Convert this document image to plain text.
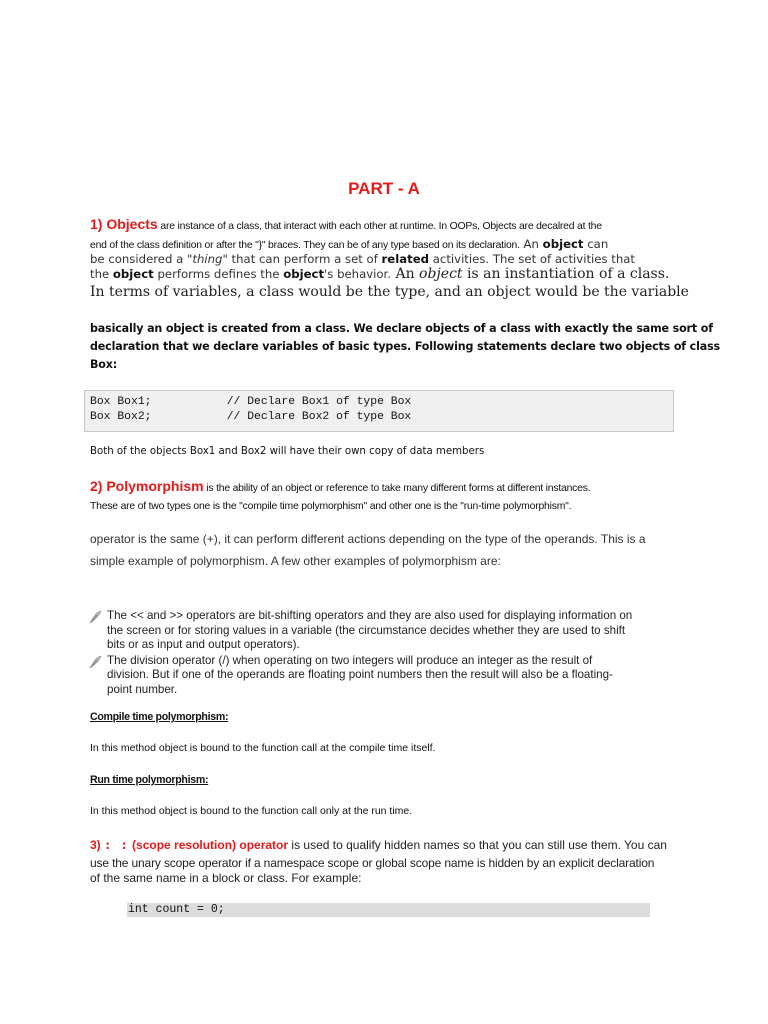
PART - A
1) Objects are instance of a class, that interact with each other at runtime. In OOPs, Objects are decalred at the
end of the class definition or after the "}" braces. They can be of any type based on its declaration. An object can
be considered a "thing" that can perform a set of related activities. The set of activities that
the object performs defines the object's behavior. An object is an instantiation of a class.
In terms of variables, a class would be the type, and an object would be the variable
basically an object is created from a class. We declare objects of a class with exactly the same sort of
declaration that we declare variables of basic types. Following statements declare two objects of class
Box:
Box Box1;           // Declare Box1 of type Box
Box Box2;           // Declare Box2 of type Box
Both of the objects Box1 and Box2 will have their own copy of data members
2) Polymorphism is the ability of an object or reference to take many different forms at different instances.
These are of two types one is the "compile time polymorphism" and other one is the "run-time polymorphism".
operator is the same (+), it can perform different actions depending on the type of the operands. This is a
simple example of polymorphism. A few other examples of polymorphism are:
The << and >> operators are bit-shifting operators and they are also used for displaying information on
the screen or for storing values in a variable (the circumstance decides whether they are used to shift
bits or as input and output operators).
The division operator (/) when operating on two integers will produce an integer as the result of
division. But if one of the operands are floating point numbers then the result will also be a floating-
point number.
Compile time polymorphism:
In this method object is bound to the function call at the compile time itself.
Run time polymorphism:
In this method object is bound to the function call only at the run time.
3) : : (scope resolution) operator is used to qualify hidden names so that you can still use them. You can
use the unary scope operator if a namespace scope or global scope name is hidden by an explicit declaration
of the same name in a block or class. For example:
int count = 0;
